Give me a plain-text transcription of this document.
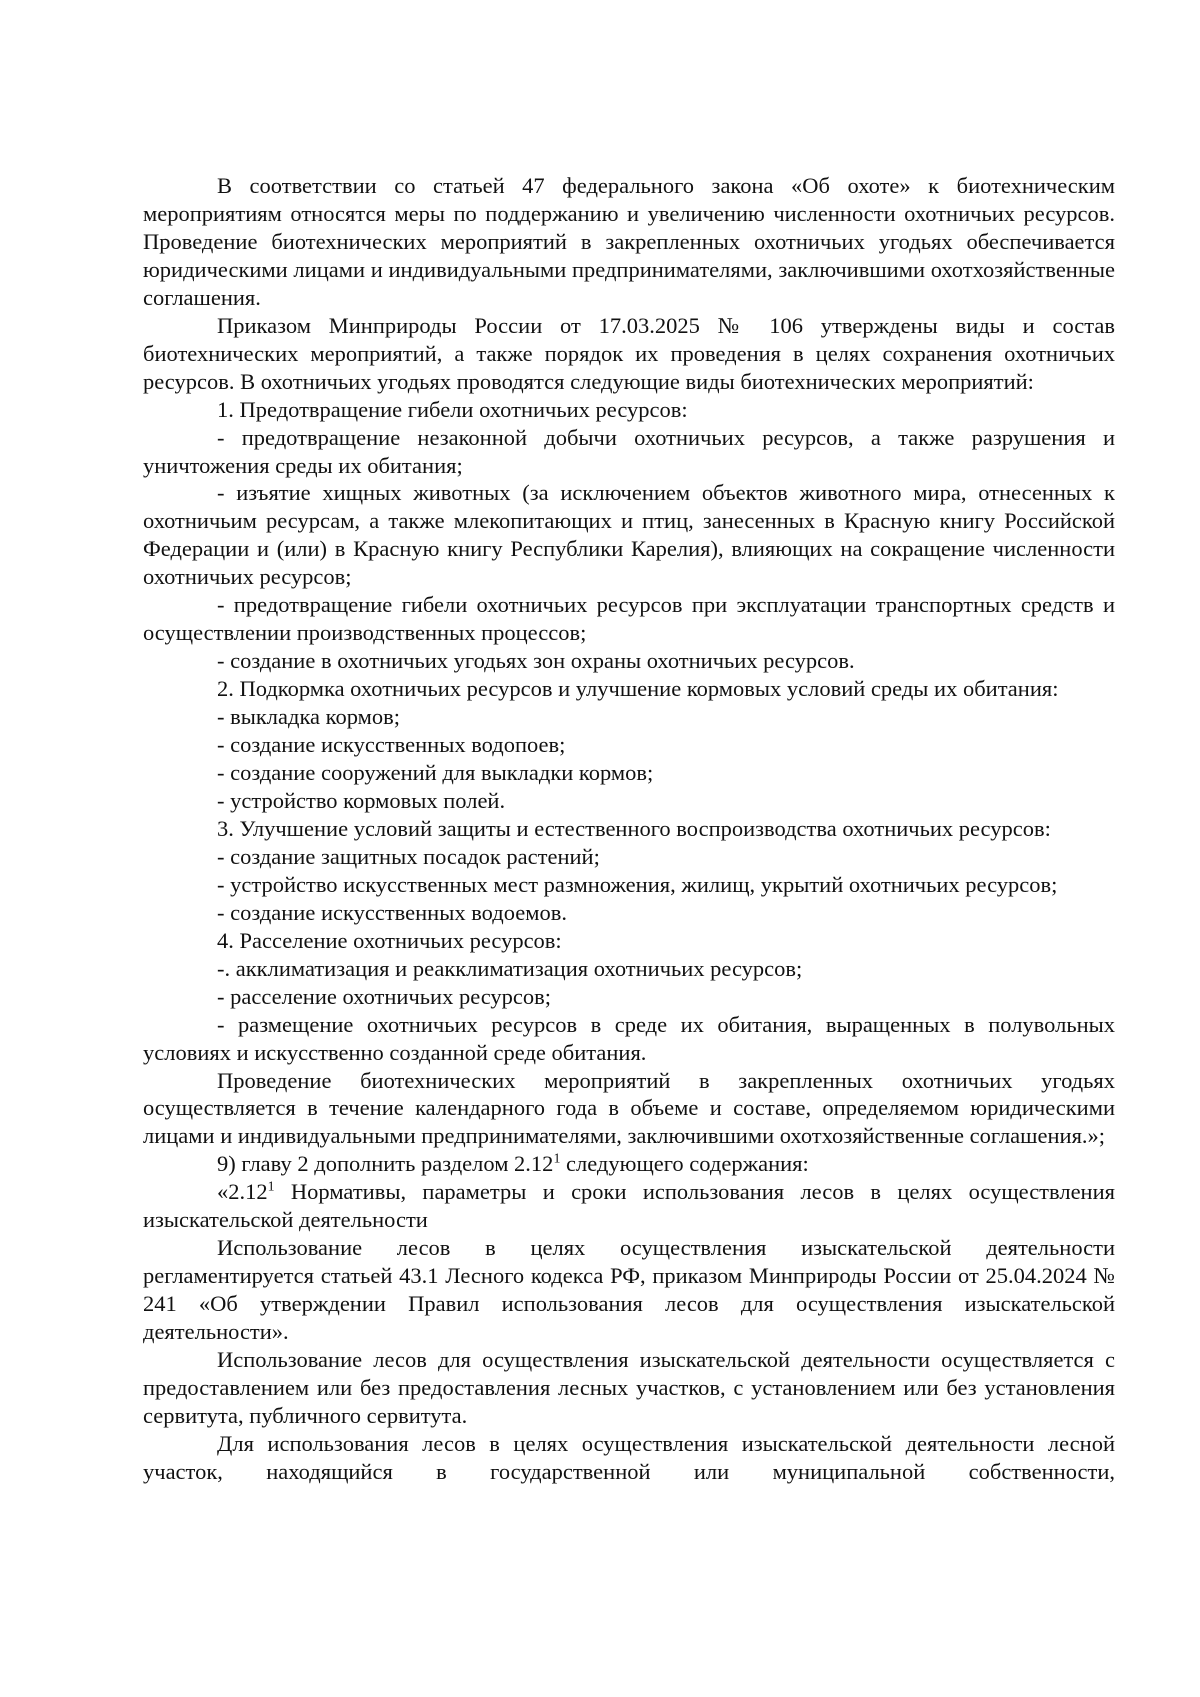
В соответствии со статьей 47 федерального закона «Об охоте» к биотехническим мероприятиям относятся меры по поддержанию и увеличению численности охотничьих ресурсов. Проведение биотехнических мероприятий в закрепленных охотничьих угодьях обеспечивается юридическими лицами и индивидуальными предпринимателями, заключившими охотхозяйственные соглашения.

Приказом Минприроды России от 17.03.2025 № 106 утверждены виды и состав биотехнических мероприятий, а также порядок их проведения в целях сохранения охотничьих ресурсов. В охотничьих угодьях проводятся следующие виды биотехнических мероприятий:

1. Предотвращение гибели охотничьих ресурсов:

- предотвращение незаконной добычи охотничьих ресурсов, а также разрушения и уничтожения среды их обитания;

- изъятие хищных животных (за исключением объектов животного мира, отнесенных к охотничьим ресурсам, а также млекопитающих и птиц, занесенных в Красную книгу Российской Федерации и (или) в Красную книгу Республики Карелия), влияющих на сокращение численности охотничьих ресурсов;

- предотвращение гибели охотничьих ресурсов при эксплуатации транспортных средств и осуществлении производственных процессов;

- создание в охотничьих угодьях зон охраны охотничьих ресурсов.

2. Подкормка охотничьих ресурсов и улучшение кормовых условий среды их обитания:

- выкладка кормов;

- создание искусственных водопоев;

- создание сооружений для выкладки кормов;

- устройство кормовых полей.

3. Улучшение условий защиты и естественного воспроизводства охотничьих ресурсов:

- создание защитных посадок растений;

- устройство искусственных мест размножения, жилищ, укрытий охотничьих ресурсов;

- создание искусственных водоемов.

4. Расселение охотничьих ресурсов:

-. акклиматизация и реакклиматизация охотничьих ресурсов;

- расселение охотничьих ресурсов;

- размещение охотничьих ресурсов в среде их обитания, выращенных в полувольных условиях и искусственно созданной среде обитания.

Проведение биотехнических мероприятий в закрепленных охотничьих угодьях осуществляется в течение календарного года в объеме и составе, определяемом юридическими лицами и индивидуальными предпринимателями, заключившими охотхозяйственные соглашения.»;

9) главу 2 дополнить разделом 2.12$^1$ следующего содержания:

«2.12$^1$ Нормативы, параметры и сроки использования лесов в целях осуществления изыскательской деятельности

Использование лесов в целях осуществления изыскательской деятельности регламентируется статьей 43.1 Лесного кодекса РФ, приказом Минприроды России от 25.04.2024 № 241 «Об утверждении Правил использования лесов для осуществления изыскательской деятельности».

Использование лесов для осуществления изыскательской деятельности осуществляется с предоставлением или без предоставления лесных участков, с установлением или без установления сервитута, публичного сервитута.

Для использования лесов в целях осуществления изыскательской деятельности лесной участок, находящийся в государственной или муниципальной собственности,
